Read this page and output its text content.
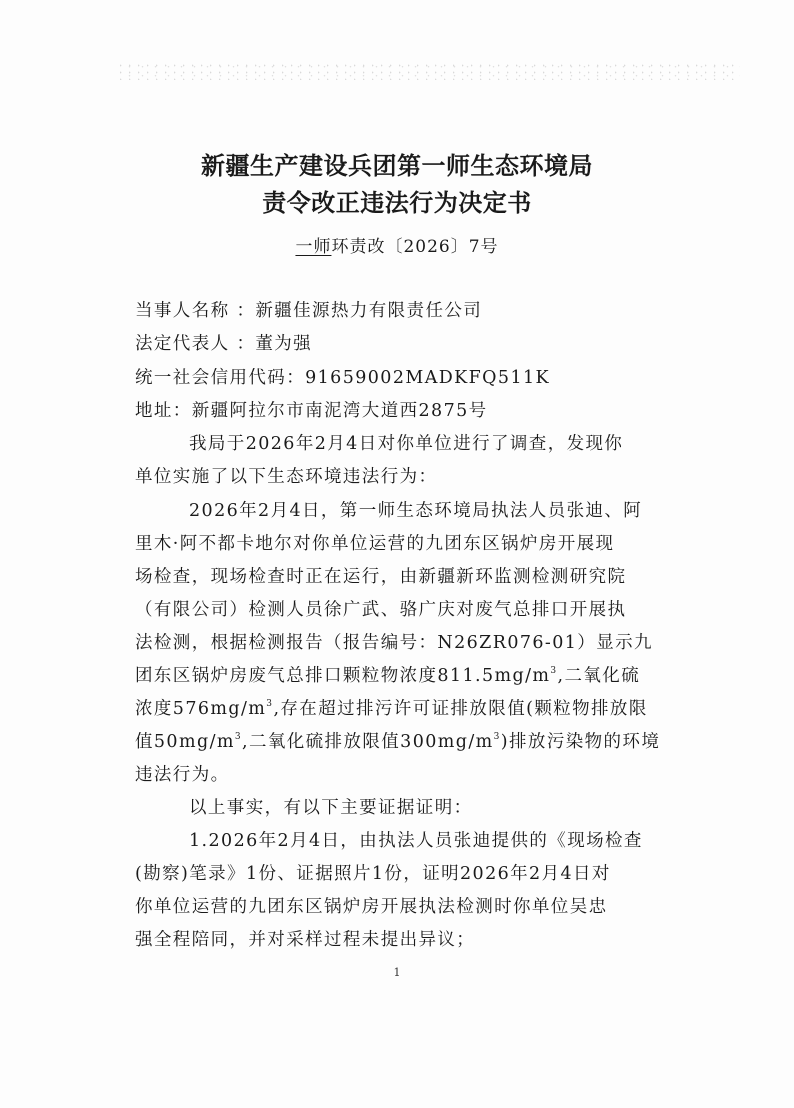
新疆生产建设兵团第一师生态环境局
责令改正违法行为决定书
一师环责改〔2026〕7号
当事人名称 ：新疆佳源热力有限责任公司
法定代表人 ：董为强
统一社会信用代码：91659002MADKFQ511K
地址：新疆阿拉尔市南泥湾大道西2875号
我局于2026年2月4日对你单位进行了调查，发现你
单位实施了以下生态环境违法行为：
2026年2月4日，第一师生态环境局执法人员张迪、阿
里木·阿不都卡地尔对你单位运营的九团东区锅炉房开展现
场检查，现场检查时正在运行，由新疆新环监测检测研究院
（有限公司）检测人员徐广武、骆广庆对废气总排口开展执
法检测，根据检测报告（报告编号：N26ZR076-01）显示九
团东区锅炉房废气总排口颗粒物浓度$811.5mg/m^3$,二氧化硫
浓度$576mg/m^3$,存在超过排污许可证排放限值(颗粒物排放限
值$50mg/m^3$,二氧化硫排放限值$300mg/m^3$)排放污染物的环境
违法行为。
以上事实，有以下主要证据证明：
1.2026年2月4日，由执法人员张迪提供的《现场检查
(勘察)笔录》1份、证据照片1份，证明2026年2月4日对
你单位运营的九团东区锅炉房开展执法检测时你单位吴忠
强全程陪同，并对采样过程未提出异议；
1
